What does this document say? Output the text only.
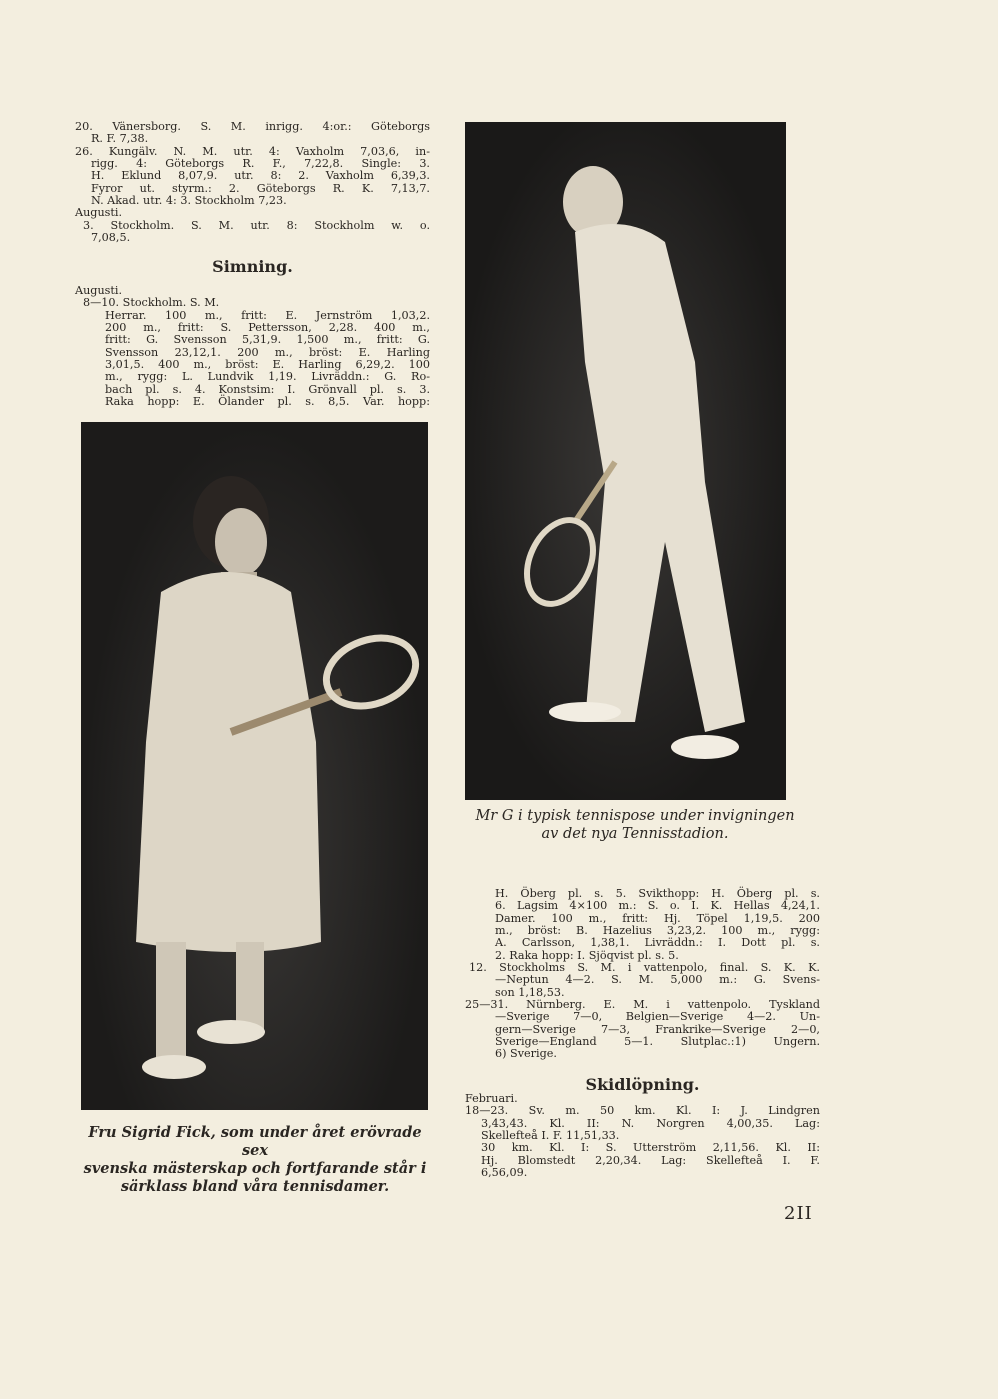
20. Vänersborg. S. M. inrigg. 4:or.: Göteborgs
R. F. 7,38.
26. Kungälv. N. M. utr. 4: Vaxholm 7,03,6, in-
rigg. 4: Göteborgs R. F., 7,22,8. Single: 3.
H. Eklund 8,07,9. utr. 8: 2. Vaxholm 6,39,3.
Fyror ut. styrm.: 2. Göteborgs R. K. 7,13,7.
N. Akad. utr. 4: 3. Stockholm 7,23.
Augusti.
3. Stockholm. S. M. utr. 8: Stockholm w. o.
7,08,5.
Simning.
Augusti.
8—10. Stockholm. S. M.
Herrar. 100 m., fritt: E. Jernström 1,03,2.
200 m., fritt: S. Pettersson, 2,28. 400 m.,
fritt: G. Svensson 5,31,9. 1,500 m., fritt: G.
Svensson 23,12,1. 200 m., bröst: E. Harling
3,01,5. 400 m., bröst: E. Harling 6,29,2. 100
m., rygg: L. Lundvik 1,19. Livräddn.: G. Ro-
bach pl. s. 4. Konstsim: I. Grönvall pl. s. 3.
Raka hopp: E. Ölander pl. s. 8,5. Var. hopp:
Fru Sigrid Fick, som under året erövrade sex
svenska mästerskap och fortfarande står i
särklass bland våra tennisdamer.
Mr G i typisk tennispose under invigningen
av det nya Tennisstadion.
H. Öberg pl. s. 5. Svikthopp: H. Öberg pl. s.
6. Lagsim 4×100 m.: S. o. I. K. Hellas 4,24,1.
Damer. 100 m., fritt: Hj. Töpel 1,19,5. 200
m., bröst: B. Hazelius 3,23,2. 100 m., rygg:
A. Carlsson, 1,38,1. Livräddn.: I. Dott pl. s.
2. Raka hopp: I. Sjöqvist pl. s. 5.
12. Stockholms S. M. i vattenpolo, final. S. K. K.
—Neptun 4—2. S. M. 5,000 m.: G. Svens-
son 1,18,53.
25—31. Nürnberg. E. M. i vattenpolo. Tyskland
—Sverige 7—0, Belgien—Sverige 4—2. Un-
gern—Sverige 7—3, Frankrike—Sverige 2—0,
Sverige—England 5—1. Slutplac.:1) Ungern.
6) Sverige.
Skidlöpning.
Februari.
18—23. Sv. m. 50 km. Kl. I: J. Lindgren
3,43,43. Kl. II: N. Norgren 4,00,35. Lag:
Skellefteå I. F. 11,51,33.
30 km. Kl. I: S. Utterström 2,11,56. Kl. II:
Hj. Blomstedt 2,20,34. Lag: Skellefteå I. F.
6,56,09.
2II
